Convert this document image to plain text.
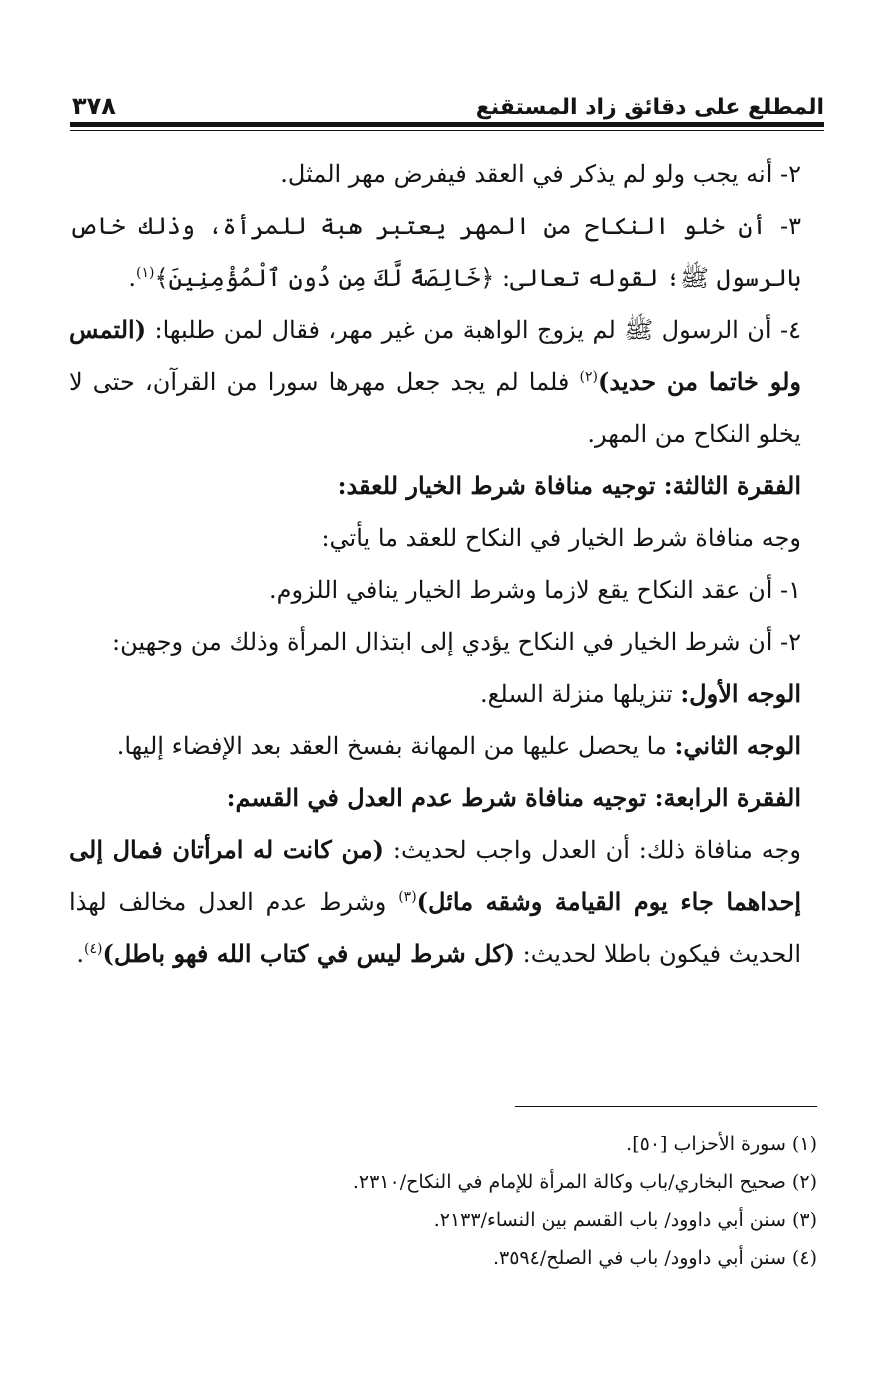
المطلع على دقائق زاد المستقنع
٣٧٨

٢- أنه يجب ولو لم يذكر في العقد فيفرض مهر المثل.

٣- أن خلو النكاح من المهر يعتبر هبة للمرأة، وذلك خاص بالرسول ﷺ؛ لقوله تعالى: ﴿خَالِصَةً لَّكَ مِن دُونِ ٱلْمُؤْمِنِينَ﴾$^{(١)}$.

٤- أن الرسول ﷺ لم يزوج الواهبة من غير مهر، فقال لمن طلبها: (التمس ولو خاتما من حديد)$^{(٢)}$ فلما لم يجد جعل مهرها سورا من القرآن، حتى لا يخلو النكاح من المهر.

الفقرة الثالثة: توجيه منافاة شرط الخيار للعقد:

وجه منافاة شرط الخيار في النكاح للعقد ما يأتي:

١- أن عقد النكاح يقع لازما وشرط الخيار ينافي اللزوم.

٢- أن شرط الخيار في النكاح يؤدي إلى ابتذال المرأة وذلك من وجهين:

الوجه الأول: تنزيلها منزلة السلع.

الوجه الثاني: ما يحصل عليها من المهانة بفسخ العقد بعد الإفضاء إليها.

الفقرة الرابعة: توجيه منافاة شرط عدم العدل في القسم:

وجه منافاة ذلك: أن العدل واجب لحديث: (من كانت له امرأتان فمال إلى إحداهما جاء يوم القيامة وشقه مائل)$^{(٣)}$ وشرط عدم العدل مخالف لهذا الحديث فيكون باطلا لحديث: (كل شرط ليس في كتاب الله فهو باطل)$^{(٤)}$.

(١) سورة الأحزاب [٥٠].

(٢) صحيح البخاري/باب وكالة المرأة للإمام في النكاح/٢٣١٠.

(٣) سنن أبي داوود/ باب القسم بين النساء/٢١٣٣.

(٤) سنن أبي داوود/ باب في الصلح/٣٥٩٤.
